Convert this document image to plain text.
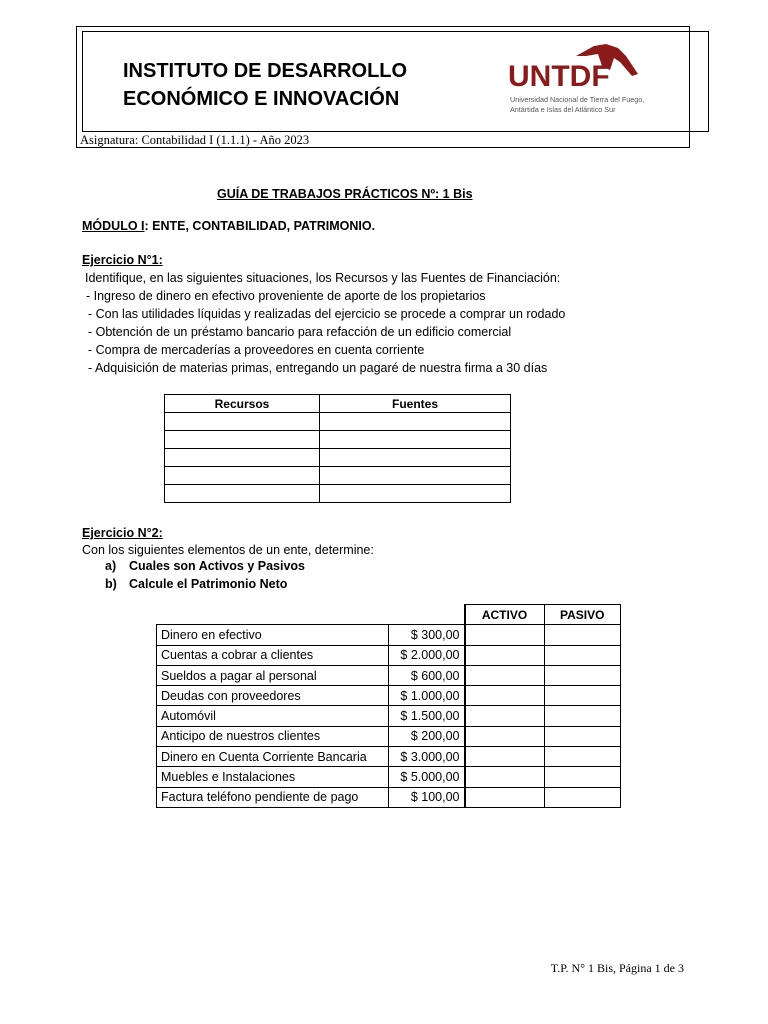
INSTITUTO DE DESARROLLO
ECONÓMICO E INNOVACIÓN
UNTDF
Universidad Nacional de Tierra del Fuego,
Antártida e Islas del Atlántico Sur
Asignatura: Contabilidad I (1.1.1) - Año 2023
GUÍA DE TRABAJOS PRÁCTICOS Nº: 1 Bis
MÓDULO I: ENTE, CONTABILIDAD, PATRIMONIO.
Ejercicio N°1:
Identifique, en las siguientes situaciones, los Recursos y las Fuentes de Financiación:
- Ingreso de dinero en efectivo proveniente de aporte de los propietarios
- Con las utilidades líquidas y realizadas del ejercicio se procede a comprar un rodado
- Obtención de un préstamo bancario para refacción de un edificio comercial
- Compra de mercaderías a proveedores en cuenta corriente
- Adquisición de materias primas, entregando un pagaré de nuestra firma a 30 días
Recursos	Fuentes

Ejercicio N°2:
Con los siguientes elementos de un ente, determine:
a) Cuales son Activos y Pasivos
b) Calcule el Patrimonio Neto
		ACTIVO	PASIVO
Dinero en efectivo	$ 300,00		
Cuentas a cobrar a clientes	$ 2.000,00		
Sueldos a pagar al personal	$ 600,00		
Deudas con proveedores	$ 1.000,00		
Automóvil	$ 1.500,00		
Anticipo de nuestros clientes	$ 200,00		
Dinero en Cuenta Corriente Bancaria	$ 3.000,00		
Muebles e Instalaciones	$ 5.000,00		
Factura teléfono pendiente de pago	$ 100,00		
T.P. N° 1 Bis, Página 1 de 3
